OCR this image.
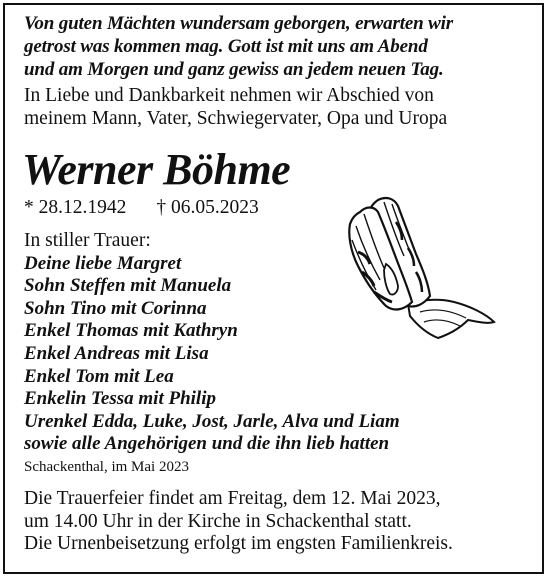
Von guten Mächten wundersam geborgen, erwarten wir
getrost was kommen mag. Gott ist mit uns am Abend
und am Morgen und ganz gewiss an jedem neuen Tag.
In Liebe und Dankbarkeit nehmen wir Abschied von
meinem Mann, Vater, Schwiegervater, Opa und Uropa
Werner Böhme
* 28.12.1942 † 06.05.2023
In stiller Trauer:
Deine liebe Margret
Sohn Steffen mit Manuela
Sohn Tino mit Corinna
Enkel Thomas mit Kathryn
Enkel Andreas mit Lisa
Enkel Tom mit Lea
Enkelin Tessa mit Philip
Urenkel Edda, Luke, Jost, Jarle, Alva und Liam
sowie alle Angehörigen und die ihn lieb hatten
Schackenthal, im Mai 2023
Die Trauerfeier findet am Freitag, dem 12. Mai 2023,
um 14.00 Uhr in der Kirche in Schackenthal statt.
Die Urnenbeisetzung erfolgt im engsten Familienkreis.
